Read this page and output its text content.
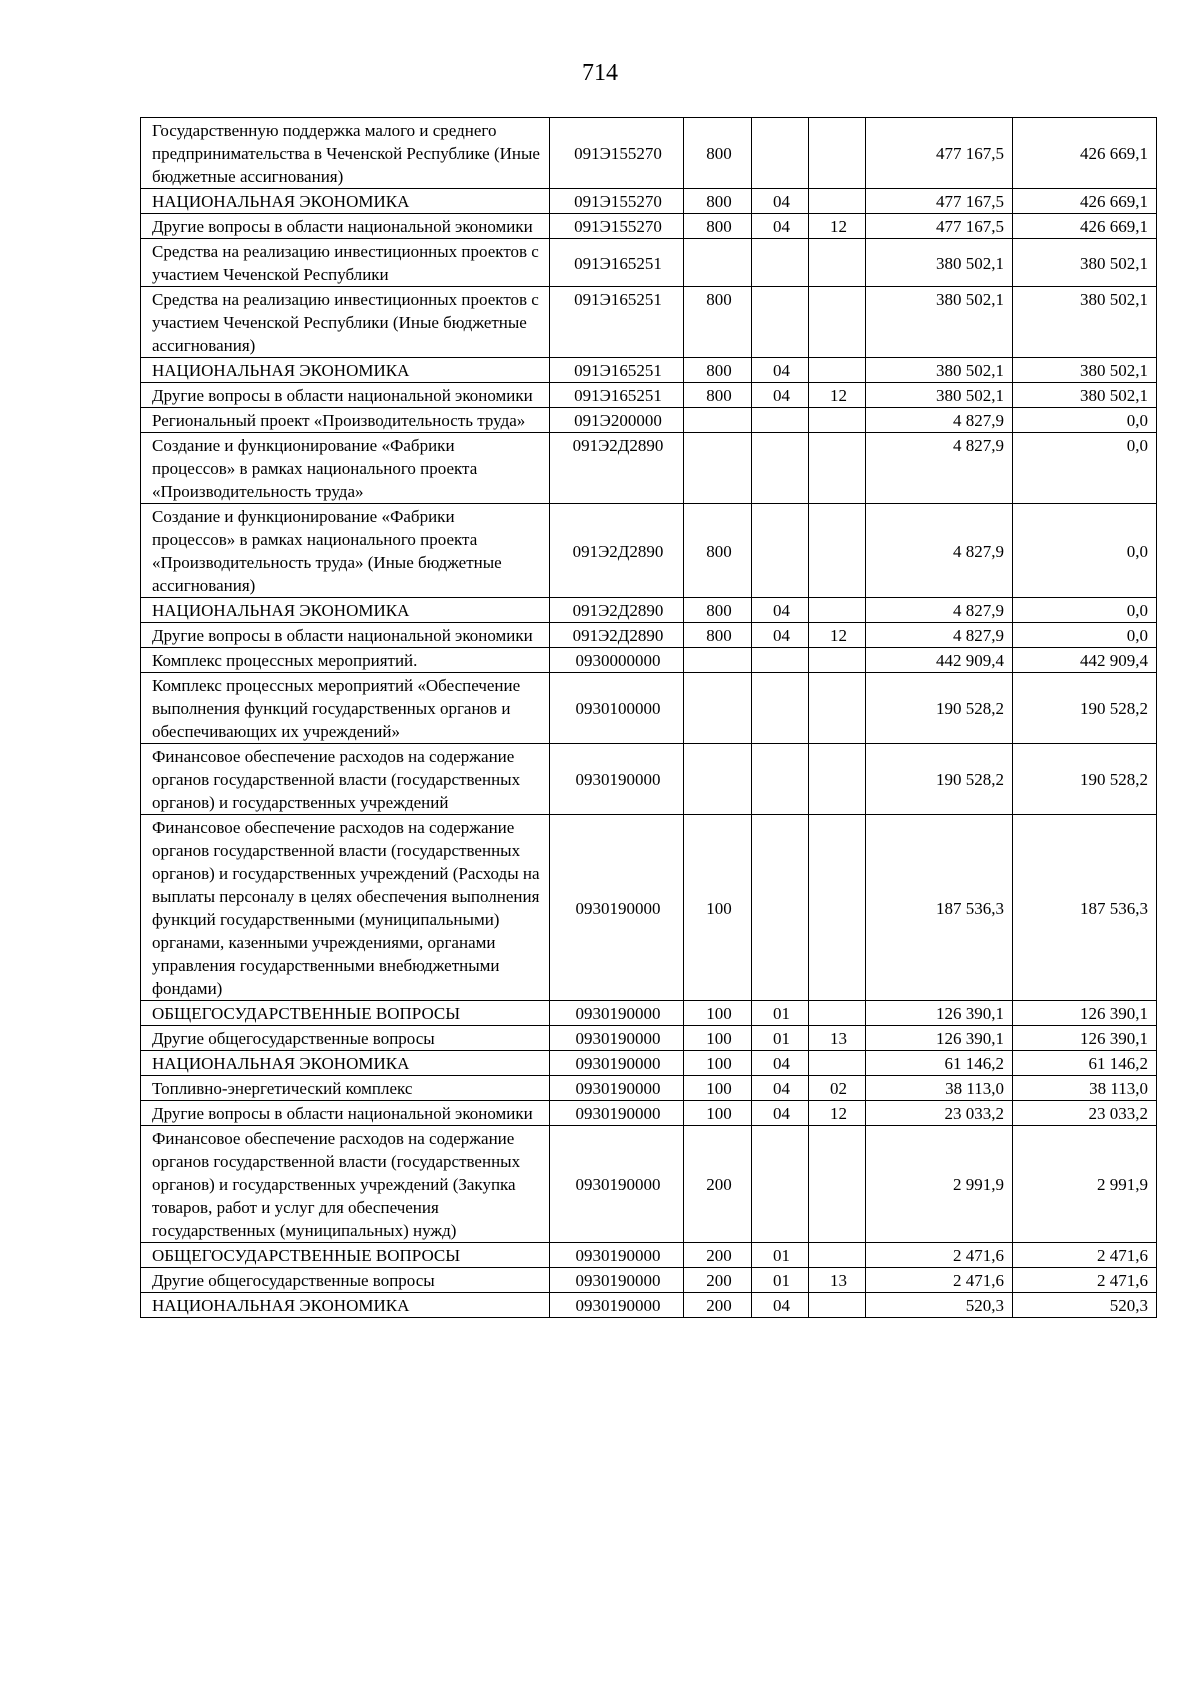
714
Государственную поддержка малого и среднего предпринимательства в Чеченской Республике (Иные бюджетные ассигнования)	091Э155270	800			477 167,5	426 669,1
НАЦИОНАЛЬНАЯ ЭКОНОМИКА	091Э155270	800	04		477 167,5	426 669,1
Другие вопросы в области национальной экономики	091Э155270	800	04	12	477 167,5	426 669,1
Средства на реализацию инвестиционных проектов с участием Чеченской Республики	091Э165251				380 502,1	380 502,1
Средства на реализацию инвестиционных проектов с участием Чеченской Республики (Иные бюджетные ассигнования)	091Э165251	800			380 502,1	380 502,1
НАЦИОНАЛЬНАЯ ЭКОНОМИКА	091Э165251	800	04		380 502,1	380 502,1
Другие вопросы в области национальной экономики	091Э165251	800	04	12	380 502,1	380 502,1
Региональный проект «Производительность труда»	091Э200000				4 827,9	0,0
Создание и функционирование «Фабрики процессов» в рамках национального проекта «Производительность труда»	091Э2Д2890				4 827,9	0,0
Создание и функционирование «Фабрики процессов» в рамках национального проекта «Производительность труда» (Иные бюджетные ассигнования)	091Э2Д2890	800			4 827,9	0,0
НАЦИОНАЛЬНАЯ ЭКОНОМИКА	091Э2Д2890	800	04		4 827,9	0,0
Другие вопросы в области национальной экономики	091Э2Д2890	800	04	12	4 827,9	0,0
Комплекс процессных мероприятий.	0930000000				442 909,4	442 909,4
Комплекс процессных мероприятий «Обеспечение выполнения функций государственных органов и обеспечивающих их учреждений»	0930100000				190 528,2	190 528,2
Финансовое обеспечение расходов на содержание органов государственной власти (государственных органов) и государственных учреждений	0930190000				190 528,2	190 528,2
Финансовое обеспечение расходов на содержание органов государственной власти (государственных органов) и государственных учреждений (Расходы на выплаты персоналу в целях обеспечения выполнения функций государственными (муниципальными) органами, казенными учреждениями, органами управления государственными внебюджетными фондами)	0930190000	100			187 536,3	187 536,3
ОБЩЕГОСУДАРСТВЕННЫЕ ВОПРОСЫ	0930190000	100	01		126 390,1	126 390,1
Другие общегосударственные вопросы	0930190000	100	01	13	126 390,1	126 390,1
НАЦИОНАЛЬНАЯ ЭКОНОМИКА	0930190000	100	04		61 146,2	61 146,2
Топливно-энергетический комплекс	0930190000	100	04	02	38 113,0	38 113,0
Другие вопросы в области национальной экономики	0930190000	100	04	12	23 033,2	23 033,2
Финансовое обеспечение расходов на содержание органов государственной власти (государственных органов) и государственных учреждений (Закупка товаров, работ и услуг для обеспечения государственных (муниципальных) нужд)	0930190000	200			2 991,9	2 991,9
ОБЩЕГОСУДАРСТВЕННЫЕ ВОПРОСЫ	0930190000	200	01		2 471,6	2 471,6
Другие общегосударственные вопросы	0930190000	200	01	13	2 471,6	2 471,6
НАЦИОНАЛЬНАЯ ЭКОНОМИКА	0930190000	200	04		520,3	520,3
